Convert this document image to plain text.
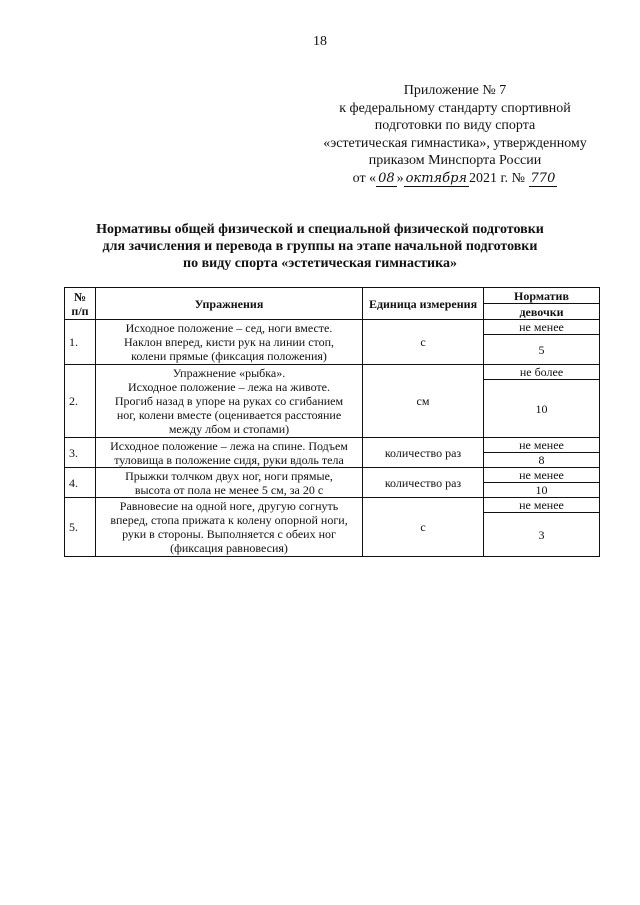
18
Приложение № 7
к федеральному стандарту спортивной
подготовки по виду спорта
«эстетическая гимнастика», утвержденному
приказом Минспорта России
от « 08 » октября 2021 г. № 770
Нормативы общей физической и специальной физической подготовки
для зачисления и перевода в группы на этапе начальной подготовки
по виду спорта «эстетическая гимнастика»
№ п/п	Упражнения	Единица измерения	Норматив
			девочки
1.	Исходное положение – сед, ноги вместе.
Наклон вперед, кисти рук на линии стоп,
колени прямые (фиксация положения)	с	не менее
			5
2.	Упражнение «рыбка».
Исходное положение – лежа на животе.
Прогиб назад в упоре на руках со сгибанием
ног, колени вместе (оценивается расстояние
между лбом и стопами)	см	не более
			10
3.	Исходное положение – лежа на спине. Подъем
туловища в положение сидя, руки вдоль тела	количество раз	не менее
			8
4.	Прыжки толчком двух ног, ноги прямые,
высота от пола не менее 5 см, за 20 с	количество раз	не менее
			10
5.	Равновесие на одной ноге, другую согнуть
вперед, стопа прижата к колену опорной ноги,
руки в стороны. Выполняется с обеих ног
(фиксация равновесия)	с	не менее
			3
